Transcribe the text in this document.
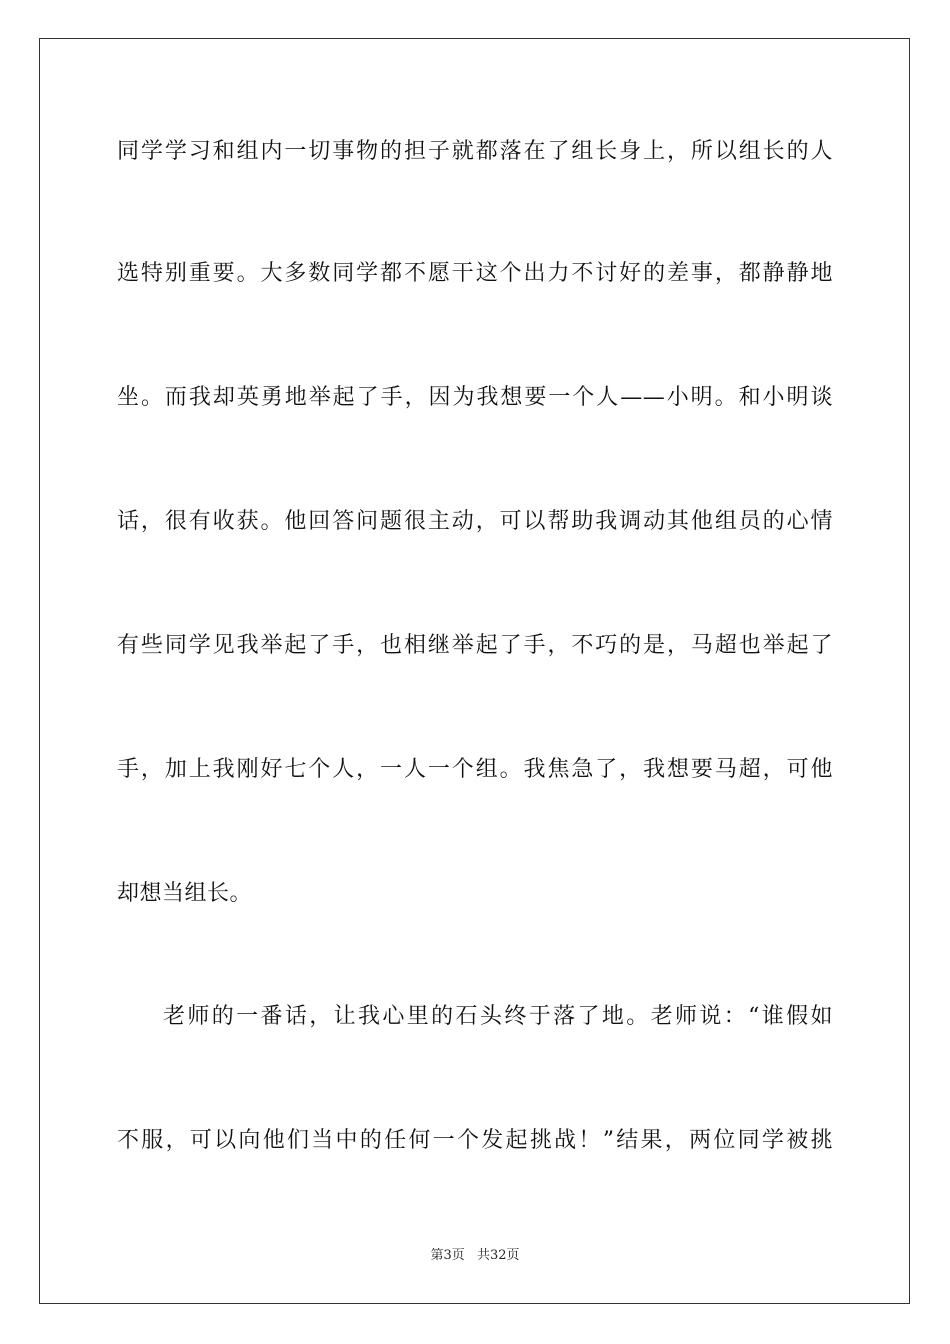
同学学习和组内一切事物的担子就都落在了组长身上，所以组长的人
选特别重要。大多数同学都不愿干这个出力不讨好的差事，都静静地
坐。而我却英勇地举起了手，因为我想要一个人——小明。和小明谈
话，很有收获。他回答问题很主动，可以帮助我调动其他组员的心情
有些同学见我举起了手，也相继举起了手，不巧的是，马超也举起了
手，加上我刚好七个人，一人一个组。我焦急了，我想要马超，可他
却想当组长。
老师的一番话，让我心里的石头终于落了地。老师说：“谁假如
不服，可以向他们当中的任何一个发起挑战！”结果，两位同学被挑
第3页 共32页
